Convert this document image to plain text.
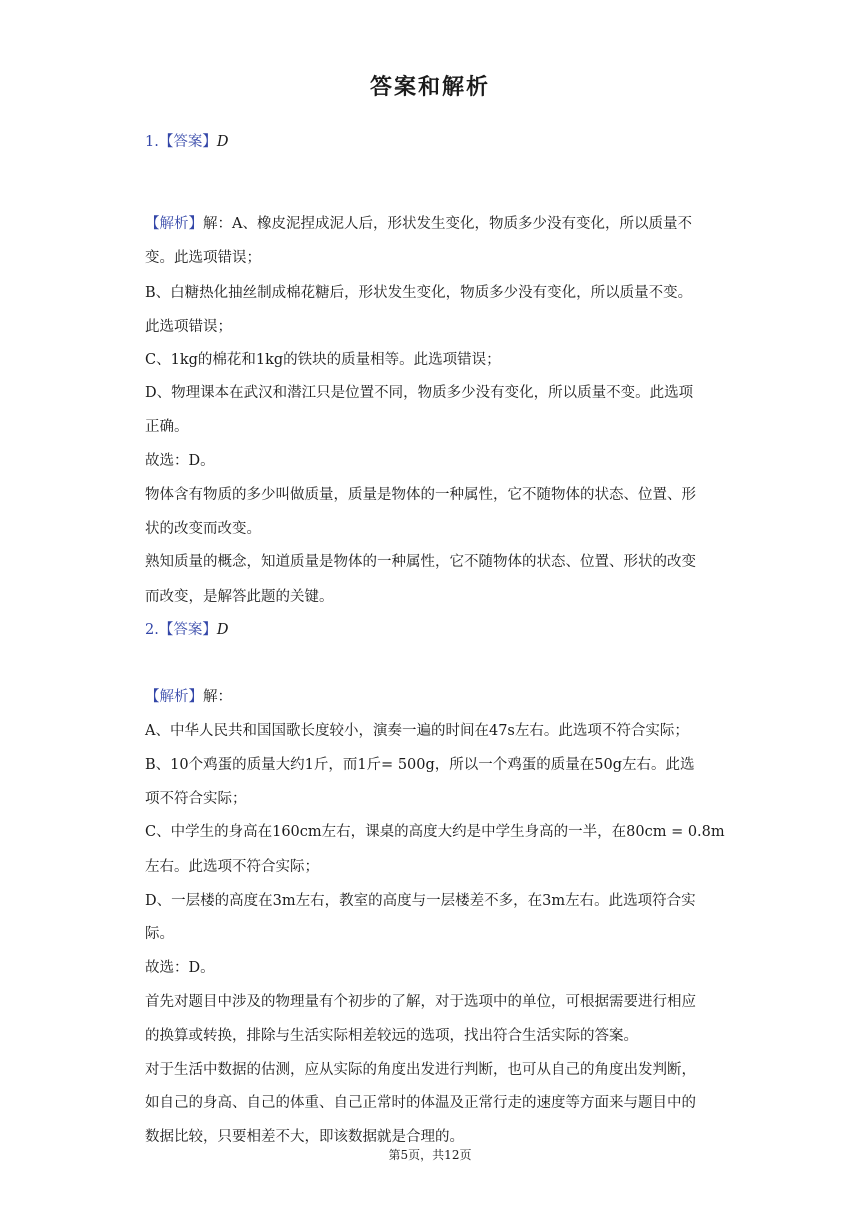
答案和解析
1.【答案】D
【解析】解：A、橡皮泥捏成泥人后，形状发生变化，物质多少没有变化，所以质量不
变。此选项错误；
B、白糖热化抽丝制成棉花糖后，形状发生变化，物质多少没有变化，所以质量不变。
此选项错误；
C、1kg的棉花和1kg的铁块的质量相等。此选项错误；
D、物理课本在武汉和潜江只是位置不同，物质多少没有变化，所以质量不变。此选项
正确。
故选：D。
物体含有物质的多少叫做质量，质量是物体的一种属性，它不随物体的状态、位置、形
状的改变而改变。
熟知质量的概念，知道质量是物体的一种属性，它不随物体的状态、位置、形状的改变
而改变，是解答此题的关键。
2.【答案】D
【解析】解：
A、中华人民共和国国歌长度较小，演奏一遍的时间在47s左右。此选项不符合实际；
B、10个鸡蛋的质量大约1斤，而1斤= 500g，所以一个鸡蛋的质量在50g左右。此选
项不符合实际；
C、中学生的身高在160cm左右，课桌的高度大约是中学生身高的一半，在80cm = 0.8m
左右。此选项不符合实际；
D、一层楼的高度在3m左右，教室的高度与一层楼差不多，在3m左右。此选项符合实
际。
故选：D。
首先对题目中涉及的物理量有个初步的了解，对于选项中的单位，可根据需要进行相应
的换算或转换，排除与生活实际相差较远的选项，找出符合生活实际的答案。
对于生活中数据的估测，应从实际的角度出发进行判断，也可从自己的角度出发判断，
如自己的身高、自己的体重、自己正常时的体温及正常行走的速度等方面来与题目中的
数据比较，只要相差不大，即该数据就是合理的。
第5页，共12页
